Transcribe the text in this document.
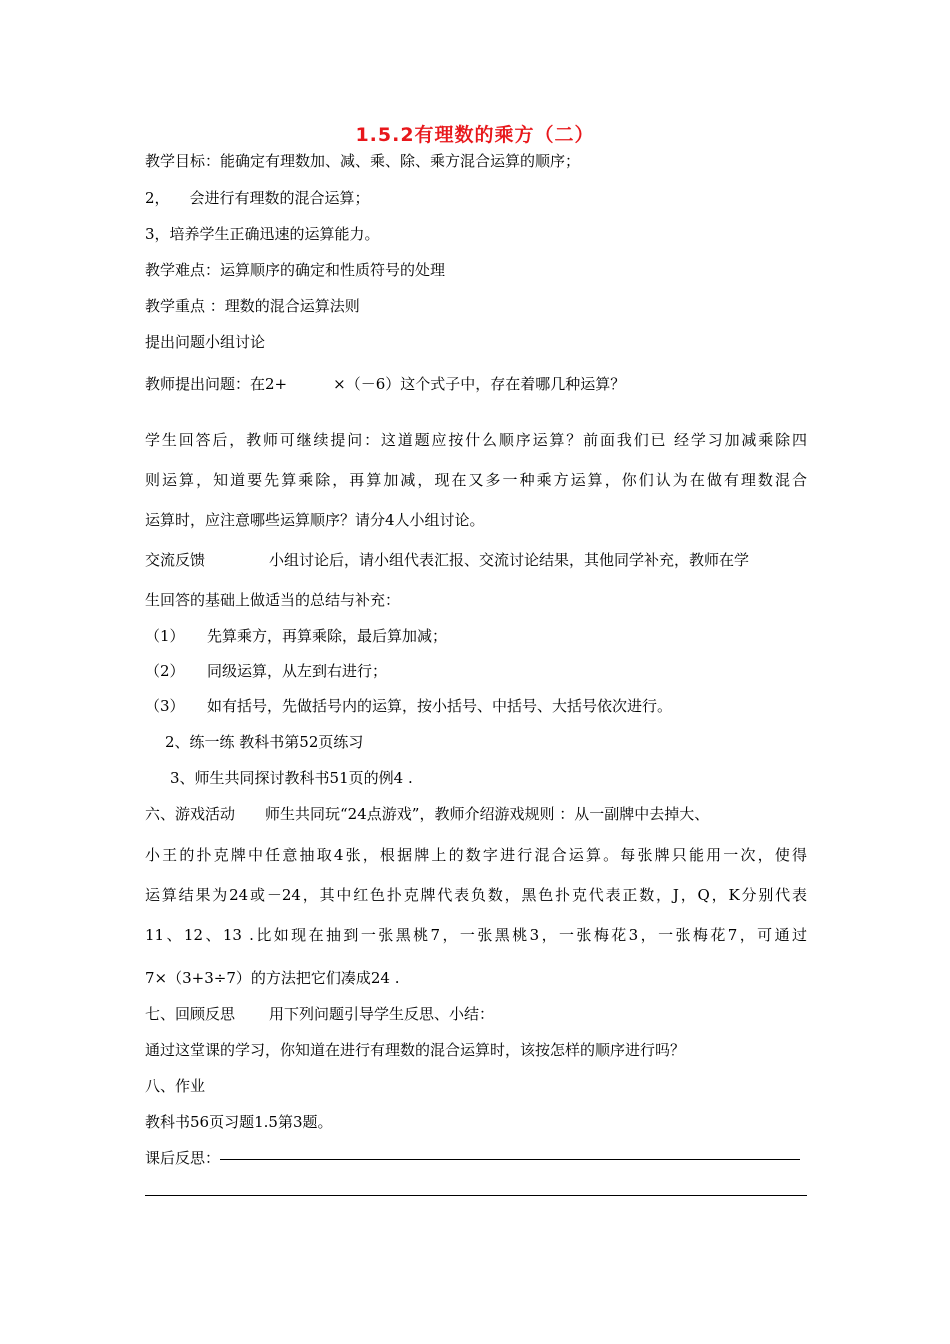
1.5.2有理数的乘方（二）
教学目标：能确定有理数加、减、乘、除、乘方混合运算的顺序；
2， 会进行有理数的混合运算；
3，培养学生正确迅速的运算能力。
教学难点：运算顺序的确定和性质符号的处理
教学重点 ：理数的混合运算法则
提出问题小组讨论
教师提出问题：在2+	×（－6）这个式子中，存在着哪几种运算？
学生回答后，教师可继续提问：这道题应按什么顺序运算？前面我们已 经学习加减乘除四
则运算，知道要先算乘除，再算加减，现在又多一种乘方运算，你们认为在做有理数混合
运算时，应注意哪些运算顺序？请分4人小组讨论。
交流反馈	小组讨论后，请小组代表汇报、交流讨论结果，其他同学补充，教师在学
生回答的基础上做适当的总结与补充：
（1） 先算乘方，再算乘除，最后算加减；
（2） 同级运算，从左到右进行；
（3） 如有括号，先做括号内的运算，按小括号、中括号、大括号依次进行。
2、练一练 教科书第52页练习
3、师生共同探讨教科书51页的例4 .
六、游戏活动 师生共同玩“24点游戏”，教师介绍游戏规则 ：从一副牌中去掉大、
小王的扑克牌中任意抽取4张，根据牌上的数字进行混合运算。每张牌只能用一次，使得
运算结果为24或－24，其中红色扑克牌代表负数，黑色扑克代表正数，J，Q，K分别代表
11、12、13 .比如现在抽到一张黑桃7，一张黑桃3，一张梅花3，一张梅花7，可通过
7×（3+3÷7）的方法把它们凑成24 .
七、回顾反思 用下列问题引导学生反思、小结：
通过这堂课的学习，你知道在进行有理数的混合运算时，该按怎样的顺序进行吗？
八、作业
教科书56页习题1.5第3题。
课后反思：
